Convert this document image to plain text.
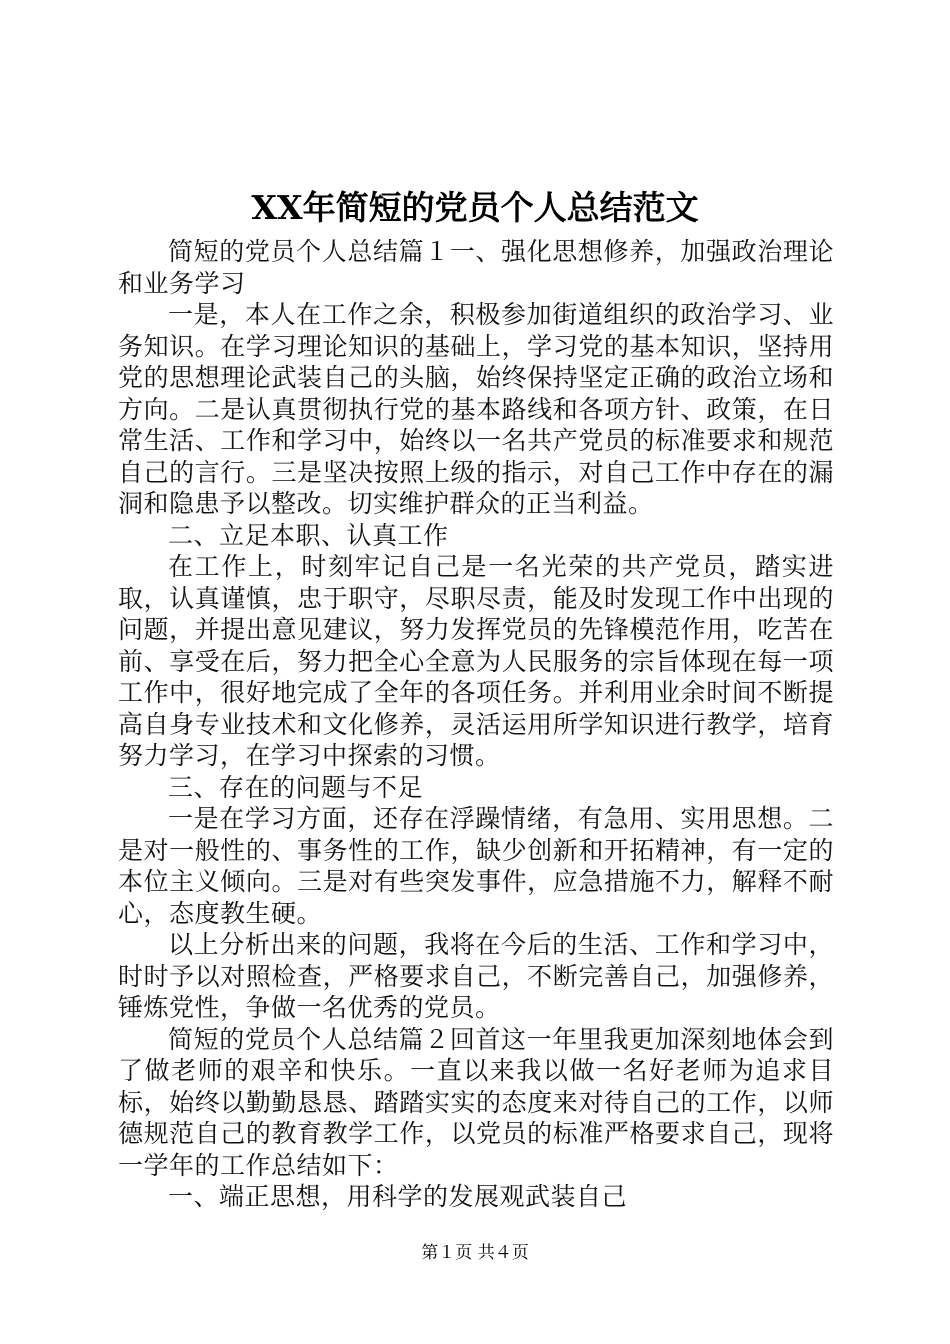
XX年简短的党员个人总结范文

简短的党员个人总结篇１一、强化思想修养，加强政治理论和业务学习

一是，本人在工作之余，积极参加街道组织的政治学习、业务知识。在学习理论知识的基础上，学习党的基本知识，坚持用党的思想理论武装自己的头脑，始终保持坚定正确的政治立场和方向。二是认真贯彻执行党的基本路线和各项方针、政策，在日常生活、工作和学习中，始终以一名共产党员的标准要求和规范自己的言行。三是坚决按照上级的指示，对自己工作中存在的漏洞和隐患予以整改。切实维护群众的正当利益。

二、立足本职、认真工作

在工作上，时刻牢记自己是一名光荣的共产党员，踏实进取，认真谨慎，忠于职守，尽职尽责，能及时发现工作中出现的问题，并提出意见建议，努力发挥党员的先锋模范作用，吃苦在前、享受在后，努力把全心全意为人民服务的宗旨体现在每一项工作中，很好地完成了全年的各项任务。并利用业余时间不断提高自身专业技术和文化修养，灵活运用所学知识进行教学，培育努力学习，在学习中探索的习惯。

三、存在的问题与不足

一是在学习方面，还存在浮躁情绪，有急用、实用思想。二是对一般性的、事务性的工作，缺少创新和开拓精神，有一定的本位主义倾向。三是对有些突发事件，应急措施不力，解释不耐心，态度教生硬。

以上分析出来的问题，我将在今后的生活、工作和学习中，时时予以对照检查，严格要求自己，不断完善自己，加强修养，锤炼党性，争做一名优秀的党员。

简短的党员个人总结篇２回首这一年里我更加深刻地体会到了做老师的艰辛和快乐。一直以来我以做一名好老师为追求目标，始终以勤勤恳恳、踏踏实实的态度来对待自己的工作，以师德规范自己的教育教学工作，以党员的标准严格要求自己，现将一学年的工作总结如下：

一、端正思想，用科学的发展观武装自己

第１页 共４页
